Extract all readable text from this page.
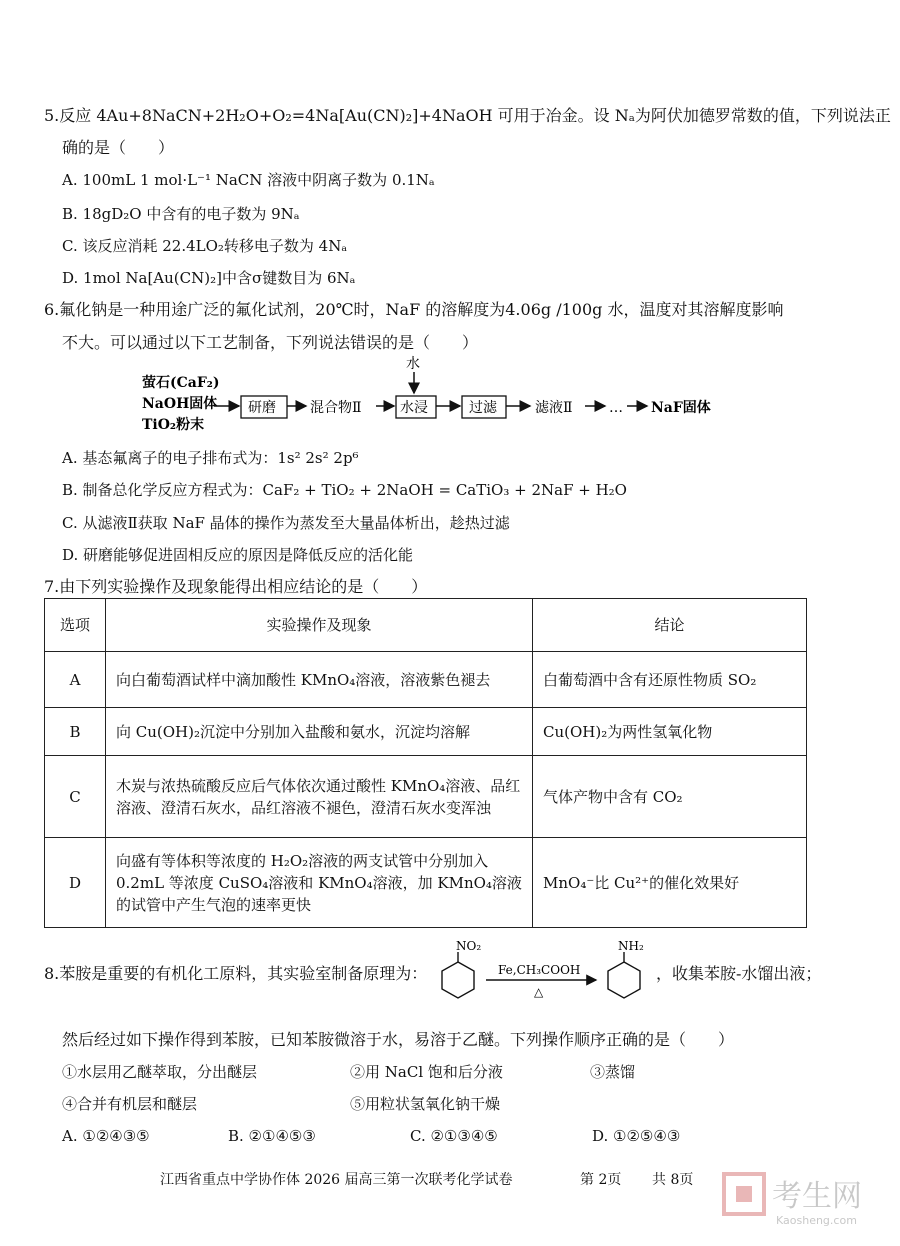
5.反应 4Au+8NaCN+2H₂O+O₂=4Na[Au(CN)₂]+4NaOH 可用于冶金。设 Nₐ为阿伏加德罗常数的值，下列说法正
确的是（　　）
A. 100mL 1 mol·L⁻¹ NaCN 溶液中阴离子数为 0.1Nₐ
B. 18gD₂O 中含有的电子数为 9Nₐ
C. 该反应消耗 22.4LO₂转移电子数为 4Nₐ
D. 1mol Na[Au(CN)₂]中含σ键数目为 6Nₐ
6.氟化钠是一种用途广泛的氟化试剂，20℃时，NaF 的溶解度为4.06g /100g 水，温度对其溶解度影响
不大。可以通过以下工艺制备，下列说法错误的是（　　）
萤石(CaF₂)
NaOH固体
TiO₂粉末
研磨 混合物Ⅱ
水
水浸	过滤	滤液Ⅱ	… NaF固体
A. 基态氟离子的电子排布式为：1s² 2s² 2p⁶
B. 制备总化学反应方程式为：CaF₂ + TiO₂ + 2NaOH = CaTiO₃ + 2NaF + H₂O
C. 从滤液Ⅱ获取 NaF 晶体的操作为蒸发至大量晶体析出，趁热过滤
D. 研磨能够促进固相反应的原因是降低反应的活化能
7.由下列实验操作及现象能得出相应结论的是（　　）
选项	实验操作及现象	结论
A	向白葡萄酒试样中滴加酸性 KMnO₄溶液，溶液紫色褪去	白葡萄酒中含有还原性物质 SO₂
B	向 Cu(OH)₂沉淀中分别加入盐酸和氨水，沉淀均溶解	Cu(OH)₂为两性氢氧化物
C	木炭与浓热硫酸反应后气体依次通过酸性 KMnO₄溶液、品红溶液、澄清石灰水，品红溶液不褪色，澄清石灰水变浑浊	气体产物中含有 CO₂
D	向盛有等体积等浓度的 H₂O₂溶液的两支试管中分别加入 0.2mL 等浓度 CuSO₄溶液和 KMnO₄溶液，加 KMnO₄溶液的试管中产生气泡的速率更快	MnO₄⁻比 Cu²⁺的催化效果好
8.苯胺是重要的有机化工原料，其实验室制备原理为：
NO₂
Fe,CH₃COOH
△
NH₂
，收集苯胺-水馏出液；
然后经过如下操作得到苯胺，已知苯胺微溶于水，易溶于乙醚。下列操作顺序正确的是（　　）
①水层用乙醚萃取，分出醚层	②用 NaCl 饱和后分液	③蒸馏
④合并有机层和醚层	⑤用粒状氢氧化钠干燥
A. ①②④③⑤	B. ②①④⑤③	C. ②①③④⑤	D. ①②⑤④③
江西省重点中学协作体 2026 届高三第一次联考化学试卷	第 2页 共 8页	考生网
Kaosheng.com
